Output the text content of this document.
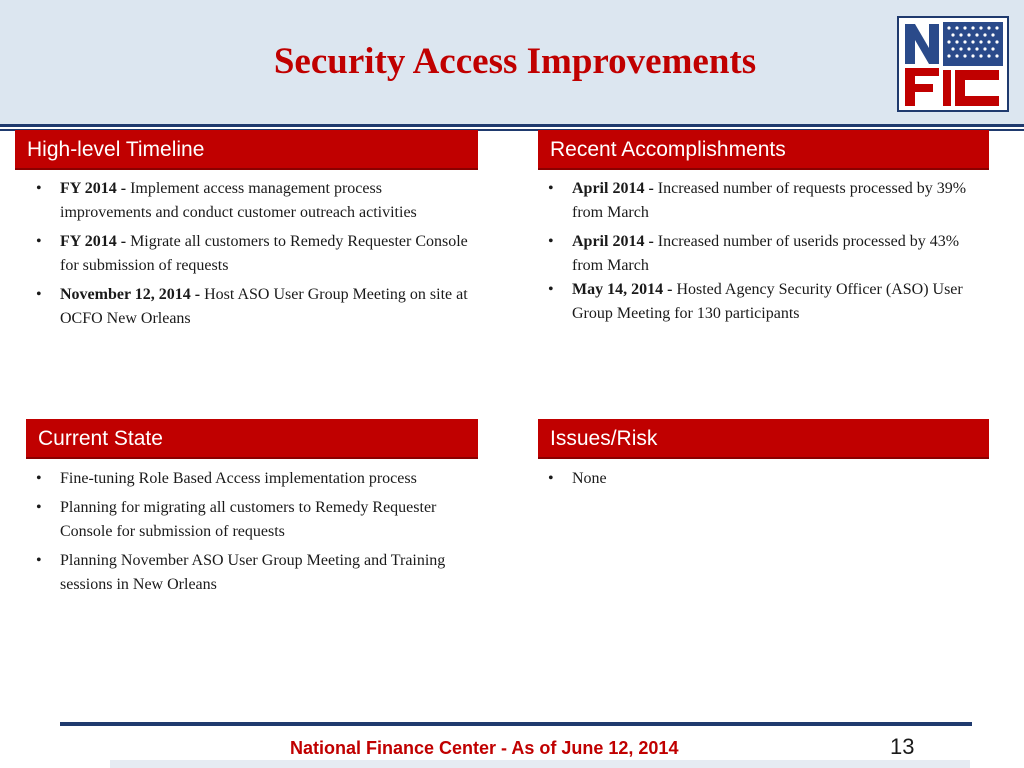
Security Access Improvements
High-level Timeline
• FY 2014 - Implement access management process improvements and conduct customer outreach activities
• FY 2014 - Migrate all customers to Remedy Requester Console for submission of requests
• November 12, 2014 - Host ASO User Group Meeting on site at OCFO New Orleans
Recent Accomplishments
• April 2014 - Increased number of requests processed by 39% from March
• April 2014 - Increased number of userids processed by 43% from March
• May 14, 2014 - Hosted Agency Security Officer (ASO) User Group Meeting for 130 participants
Current State
• Fine-tuning Role Based Access implementation process
• Planning for migrating all customers to Remedy Requester Console for submission of requests
• Planning November ASO User Group Meeting and Training sessions in New Orleans
Issues/Risk
• None
National Finance Center - As of June 12, 2014	13
